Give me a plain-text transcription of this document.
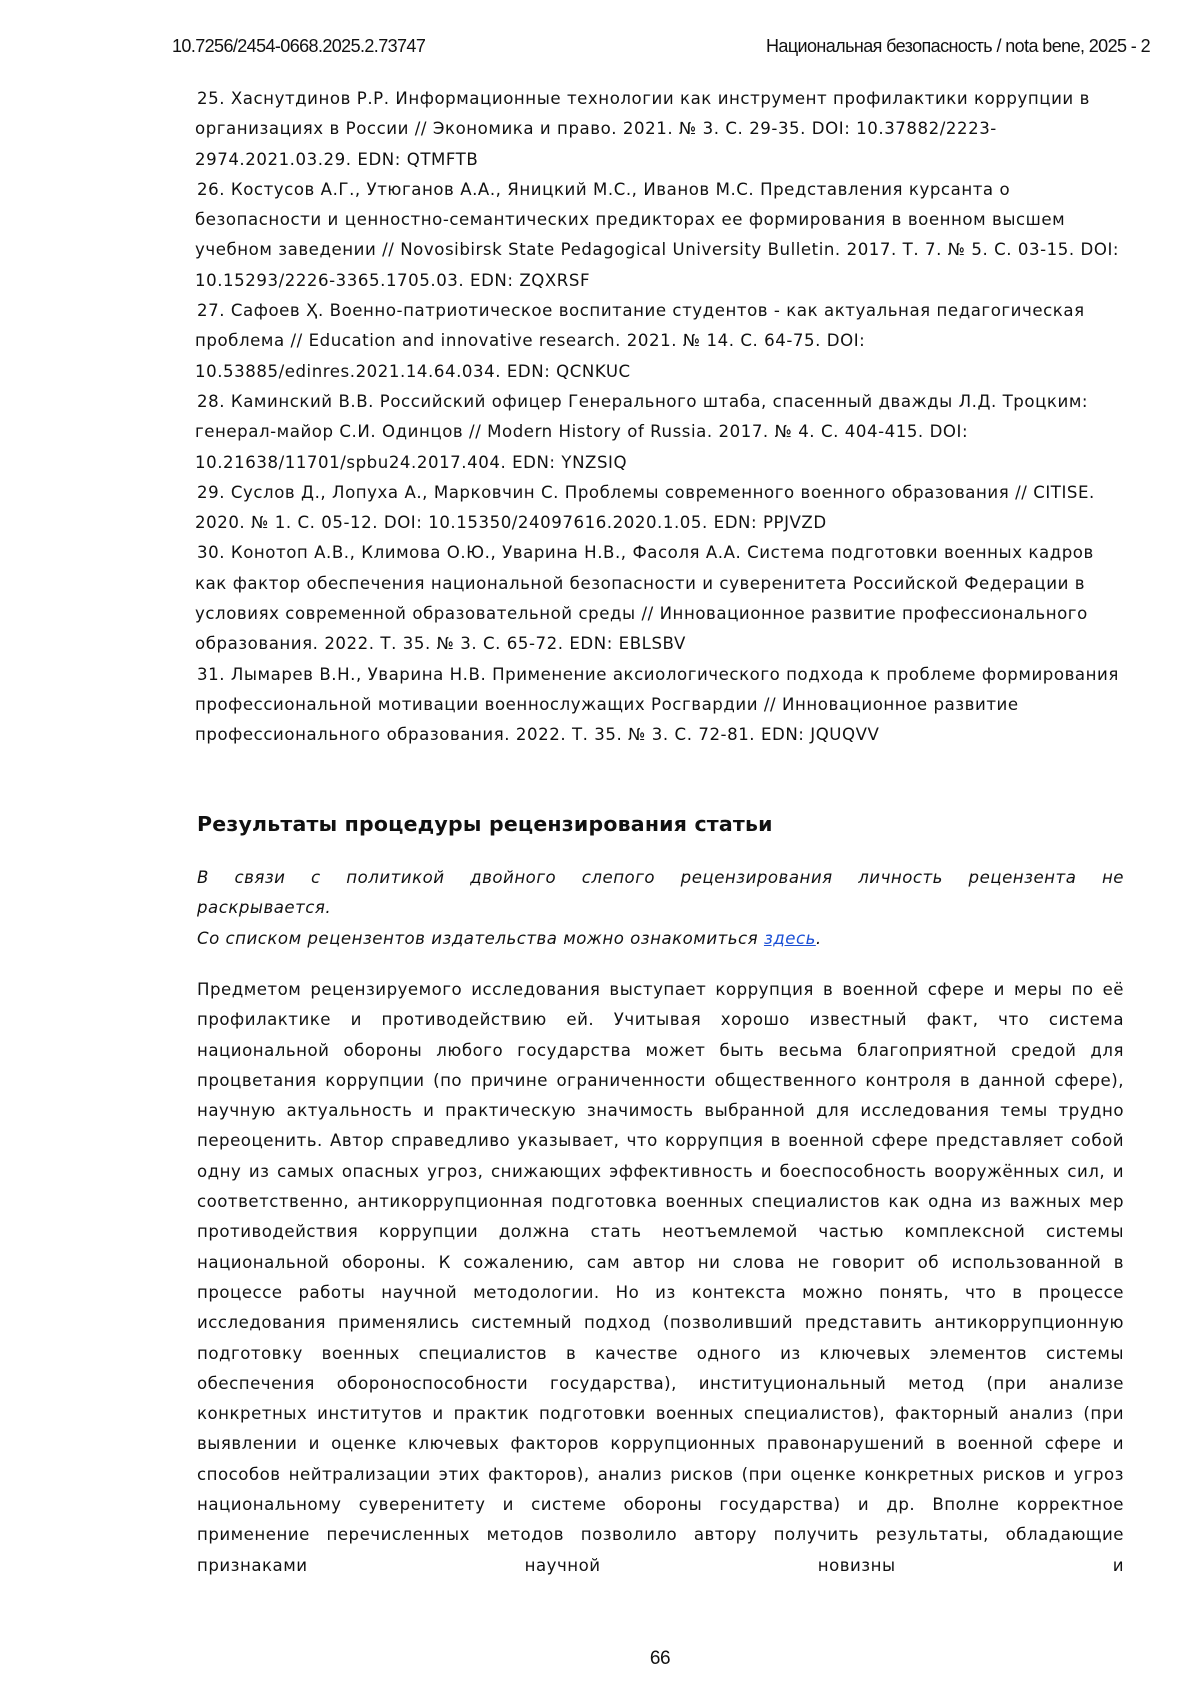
10.7256/2454-0668.2025.2.73747	Национальная безопасность / nota bene, 2025 - 2

25. Хаснутдинов Р.Р. Информационные технологии как инструмент профилактики коррупции в организациях в России // Экономика и право. 2021. № 3. С. 29-35. DOI: 10.37882/2223-2974.2021.03.29. EDN: QTMFTB

26. Костусов А.Г., Утюганов А.А., Яницкий М.С., Иванов М.С. Представления курсанта о безопасности и ценностно-семантических предикторах ее формирования в военном высшем учебном заведении // Novosibirsk State Pedagogical University Bulletin. 2017. Т. 7. № 5. С. 03-15. DOI: 10.15293/2226-3365.1705.03. EDN: ZQXRSF

27. Сафоев Ҳ. Военно-патриотическое воспитание студентов - как актуальная педагогическая проблема // Education and innovative research. 2021. № 14. С. 64-75. DOI: 10.53885/edinres.2021.14.64.034. EDN: QCNKUC

28. Каминский В.В. Российский офицер Генерального штаба, спасенный дважды Л.Д. Троцким: генерал-майор С.И. Одинцов // Modern History of Russia. 2017. № 4. С. 404-415. DOI: 10.21638/11701/spbu24.2017.404. EDN: YNZSIQ

29. Суслов Д., Лопуха А., Марковчин С. Проблемы современного военного образования // CITISE. 2020. № 1. С. 05-12. DOI: 10.15350/24097616.2020.1.05. EDN: PPJVZD

30. Конотоп А.В., Климова О.Ю., Уварина Н.В., Фасоля А.А. Система подготовки военных кадров как фактор обеспечения национальной безопасности и суверенитета Российской Федерации в условиях современной образовательной среды // Инновационное развитие профессионального образования. 2022. Т. 35. № 3. С. 65-72. EDN: EBLSBV

31. Лымарев В.Н., Уварина Н.В. Применение аксиологического подхода к проблеме формирования профессиональной мотивации военнослужащих Росгвардии // Инновационное развитие профессионального образования. 2022. Т. 35. № 3. С. 72-81. EDN: JQUQVV

Результаты процедуры рецензирования статьи

В связи с политикой двойного слепого рецензирования личность рецензента не

раскрывается.

Со списком рецензентов издательства можно ознакомиться здесь.

Предметом рецензируемого исследования выступает коррупция в военной сфере и меры по её профилактике и противодействию ей. Учитывая хорошо известный факт, что система национальной обороны любого государства может быть весьма благоприятной средой для процветания коррупции (по причине ограниченности общественного контроля в данной сфере), научную актуальность и практическую значимость выбранной для исследования темы трудно переоценить. Автор справедливо указывает, что коррупция в военной сфере представляет собой одну из самых опасных угроз, снижающих эффективность и боеспособность вооружённых сил, и соответственно, антикоррупционная подготовка военных специалистов как одна из важных мер противодействия коррупции должна стать неотъемлемой частью комплексной системы национальной обороны. К сожалению, сам автор ни слова не говорит об использованной в процессе работы научной методологии. Но из контекста можно понять, что в процессе исследования применялись системный подход (позволивший представить антикоррупционную подготовку военных специалистов в качестве одного из ключевых элементов системы обеспечения обороноспособности государства), институциональный метод (при анализе конкретных институтов и практик подготовки военных специалистов), факторный анализ (при выявлении и оценке ключевых факторов коррупционных правонарушений в военной сфере и способов нейтрализации этих факторов), анализ рисков (при оценке конкретных рисков и угроз национальному суверенитету и системе обороны государства) и др. Вполне корректное применение перечисленных методов позволило автору получить результаты, обладающие признаками научной новизны и

66
